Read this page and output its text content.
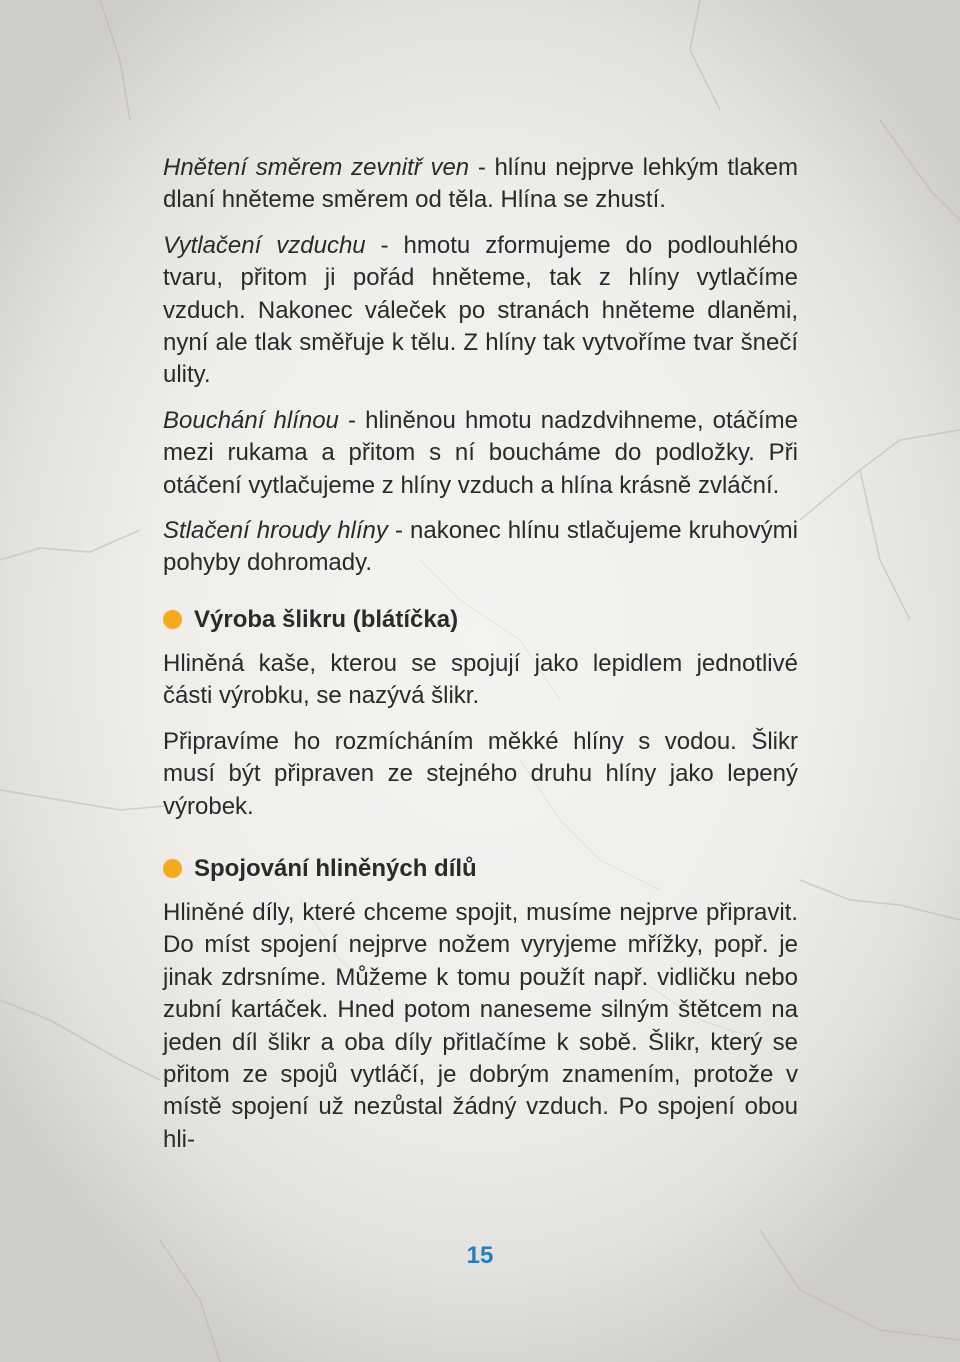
Hnětení směrem zevnitř ven - hlínu nejprve lehkým tlakem dlaní hněteme směrem od těla. Hlína se zhustí.

Vytlačení vzduchu - hmotu zformujeme do podlouhlého tvaru, přitom ji pořád hněteme, tak z hlíny vytlačíme vzduch. Nakonec váleček po stranách hněteme dlaněmi, nyní ale tlak směřuje k tělu. Z hlíny tak vytvoříme tvar šnečí ulity.

Bouchání hlínou - hliněnou hmotu nadzdvihneme, otáčíme mezi rukama a přitom s ní boucháme do podložky. Při otáčení vytlačujeme z hlíny vzduch a hlína krásně zvláční.

Stlačení hroudy hlíny - nakonec hlínu stlačujeme kruhovými pohyby dohromady.

Výroba šlikru (blátíčka)

Hliněná kaše, kterou se spojují jako lepidlem jednotlivé části výrobku, se nazývá šlikr.

Připravíme ho rozmícháním měkké hlíny s vodou. Šlikr musí být připraven ze stejného druhu hlíny jako lepený výrobek.

Spojování hliněných dílů

Hliněné díly, které chceme spojit, musíme nejprve připravit. Do míst spojení nejprve nožem vyryjeme mřížky, popř. je jinak zdrsníme. Můžeme k tomu použít např. vidličku nebo zubní kartáček. Hned potom naneseme silným štětcem na jeden díl šlikr a oba díly přitlačíme k sobě. Šlikr, který se přitom ze spojů vytláčí, je dobrým znamením, protože v místě spojení už nezůstal žádný vzduch. Po spojení obou hli-

15
